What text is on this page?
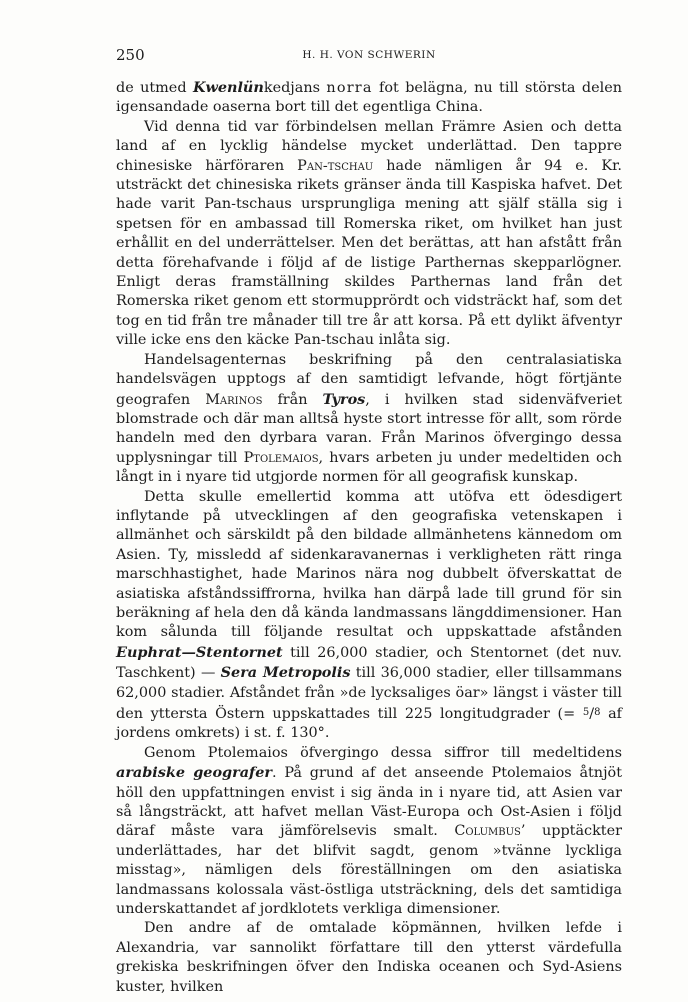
250	H. H. VON SCHWERIN

de utmed Kwenlünkedjans norra fot belägna, nu till största delen igensandade oaserna bort till det egentliga China.

Vid denna tid var förbindelsen mellan Främre Asien och detta land af en lycklig händelse mycket underlättad. Den tappre chinesiske härföraren Pan-tschau hade nämligen år 94 e. Kr. utsträckt det chinesiska rikets gränser ända till Kaspiska hafvet. Det hade varit Pan-tschaus ursprungliga mening att själf ställa sig i spetsen för en ambassad till Romerska riket, om hvilket han just erhållit en del underrättelser. Men det berättas, att han afstått från detta förehafvande i följd af de listige Parthernas skepparlögner. Enligt deras framställning skildes Parthernas land från det Romerska riket genom ett stormupprördt och vidsträckt haf, som det tog en tid från tre månader till tre år att korsa. På ett dylikt äfventyr ville icke ens den käcke Pan-tschau inlåta sig.

Handelsagenternas beskrifning på den centralasiatiska handelsvägen upptogs af den samtidigt lefvande, högt förtjänte geografen Marinos från Tyros, i hvilken stad sidenväfveriet blomstrade och där man alltså hyste stort intresse för allt, som rörde handeln med den dyrbara varan. Från Marinos öfvergingo dessa upplysningar till Ptolemaios, hvars arbeten ju under medeltiden och långt in i nyare tid utgjorde normen för all geografisk kunskap.

Detta skulle emellertid komma att utöfva ett ödesdigert inflytande på utvecklingen af den geografiska vetenskapen i allmänhet och särskildt på den bildade allmänhetens kännedom om Asien. Ty, missledd af sidenkaravanernas i verkligheten rätt ringa marschhastighet, hade Marinos nära nog dubbelt öfverskattat de asiatiska afståndssiffrorna, hvilka han därpå lade till grund för sin beräkning af hela den då kända landmassans längddimensioner. Han kom sålunda till följande resultat och uppskattade afstånden Euphrat—Stentornet till 26,000 stadier, och Stentornet (det nuv. Taschkent) — Sera Metropolis till 36,000 stadier, eller tillsammans 62,000 stadier. Afståndet från »de lycksaliges öar» längst i väster till den yttersta Östern uppskattades till 225 longitudgrader (= $^5$/$^8$ af jordens omkrets) i st. f. 130°.

Genom Ptolemaios öfvergingo dessa siffror till medeltidens arabiske geografer. På grund af det anseende Ptolemaios åtnjöt höll den uppfattningen envist i sig ända in i nyare tid, att Asien var så långsträckt, att hafvet mellan Väst-Europa och Ost-Asien i följd däraf måste vara jämförelsevis smalt. Columbus’ upptäckter underlättades, har det blifvit sagdt, genom »tvänne lyckliga misstag», nämligen dels föreställningen om den asiatiska landmassans kolossala väst-östliga utsträckning, dels det samtidiga underskattandet af jordklotets verkliga dimensioner.

Den andre af de omtalade köpmännen, hvilken lefde i Alexandria, var sannolikt författare till den ytterst värdefulla grekiska beskrifningen öfver den Indiska oceanen och Syd-Asiens kuster, hvilken
